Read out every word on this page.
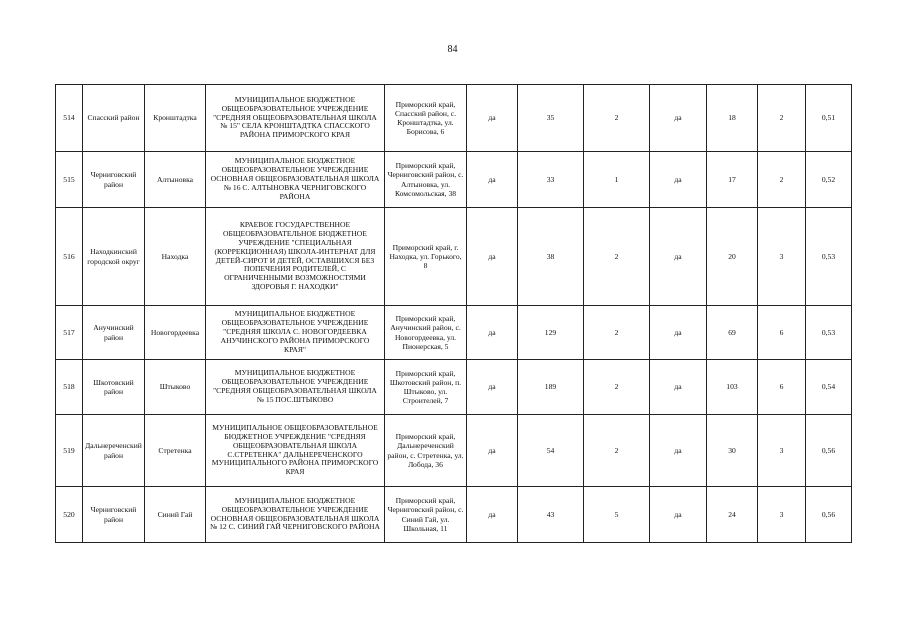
84
514	Спасский район	Кронштадтка	МУНИЦИПАЛЬНОЕ БЮДЖЕТНОЕ ОБЩЕОБРАЗОВАТЕЛЬНОЕ УЧРЕЖДЕНИЕ "СРЕДНЯЯ ОБЩЕОБРАЗОВАТЕЛЬНАЯ ШКОЛА № 15" СЕЛА КРОНШТАДТКА СПАССКОГО РАЙОНА ПРИМОРСКОГО КРАЯ	Приморский край, Спасский район, с. Кронштадтка, ул. Борисова, 6	да	35	2	да	18	2	0,51
515	Черниговский район	Алтыновка	МУНИЦИПАЛЬНОЕ БЮДЖЕТНОЕ ОБЩЕОБРАЗОВАТЕЛЬНОЕ УЧРЕЖДЕНИЕ ОСНОВНАЯ ОБЩЕОБРАЗОВАТЕЛЬНАЯ ШКОЛА № 16 С. АЛТЫНОВКА ЧЕРНИГОВСКОГО РАЙОНА	Приморский край, Черниговский район, с. Алтыновка, ул. Комсомольская, 38	да	33	1	да	17	2	0,52
516	Находкинский городской округ	Находка	КРАЕВОЕ ГОСУДАРСТВЕННОЕ ОБЩЕОБРАЗОВАТЕЛЬНОЕ БЮДЖЕТНОЕ УЧРЕЖДЕНИЕ "СПЕЦИАЛЬНАЯ (КОРРЕКЦИОННАЯ) ШКОЛА-ИНТЕРНАТ ДЛЯ ДЕТЕЙ-СИРОТ И ДЕТЕЙ, ОСТАВШИХСЯ БЕЗ ПОПЕЧЕНИЯ РОДИТЕЛЕЙ, С ОГРАНИЧЕННЫМИ ВОЗМОЖНОСТЯМИ ЗДОРОВЬЯ Г. НАХОДКИ"	Приморский край, г. Находка, ул. Горького, 8	да	38	2	да	20	3	0,53
517	Анучинский район	Новогордеевка	МУНИЦИПАЛЬНОЕ БЮДЖЕТНОЕ ОБЩЕОБРАЗОВАТЕЛЬНОЕ УЧРЕЖДЕНИЕ "СРЕДНЯЯ ШКОЛА С. НОВОГОРДЕЕВКА АНУЧИНСКОГО РАЙОНА ПРИМОРСКОГО КРАЯ"	Приморский край, Анучинский район, с. Новогордеевка, ул. Пионерская, 5	да	129	2	да	69	6	0,53
518	Шкотовский район	Штыково	МУНИЦИПАЛЬНОЕ БЮДЖЕТНОЕ ОБЩЕОБРАЗОВАТЕЛЬНОЕ УЧРЕЖДЕНИЕ "СРЕДНЯЯ ОБЩЕОБРАЗОВАТЕЛЬНАЯ ШКОЛА № 15 ПОС.ШТЫКОВО	Приморский край, Шкотовский район, п. Штыково, ул. Строителей, 7	да	189	2	да	103	6	0,54
519	Дальнереченский район	Стретенка	МУНИЦИПАЛЬНОЕ ОБЩЕОБРАЗОВАТЕЛЬНОЕ БЮДЖЕТНОЕ УЧРЕЖДЕНИЕ "СРЕДНЯЯ ОБЩЕОБРАЗОВАТЕЛЬНАЯ ШКОЛА С.СТРЕТЕНКА" ДАЛЬНЕРЕЧЕНСКОГО МУНИЦИПАЛЬНОГО РАЙОНА ПРИМОРСКОГО КРАЯ	Приморский край, Дальнереченский район, с. Стретенка, ул. Лобода, 36	да	54	2	да	30	3	0,56
520	Черниговский район	Синий Гай	МУНИЦИПАЛЬНОЕ БЮДЖЕТНОЕ ОБЩЕОБРАЗОВАТЕЛЬНОЕ УЧРЕЖДЕНИЕ ОСНОВНАЯ ОБЩЕОБРАЗОВАТЕЛЬНАЯ ШКОЛА № 12 С. СИНИЙ ГАЙ ЧЕРНИГОВСКОГО РАЙОНА	Приморский край, Черниговский район, с. Синий Гай, ул. Школьная, 11	да	43	5	да	24	3	0,56
